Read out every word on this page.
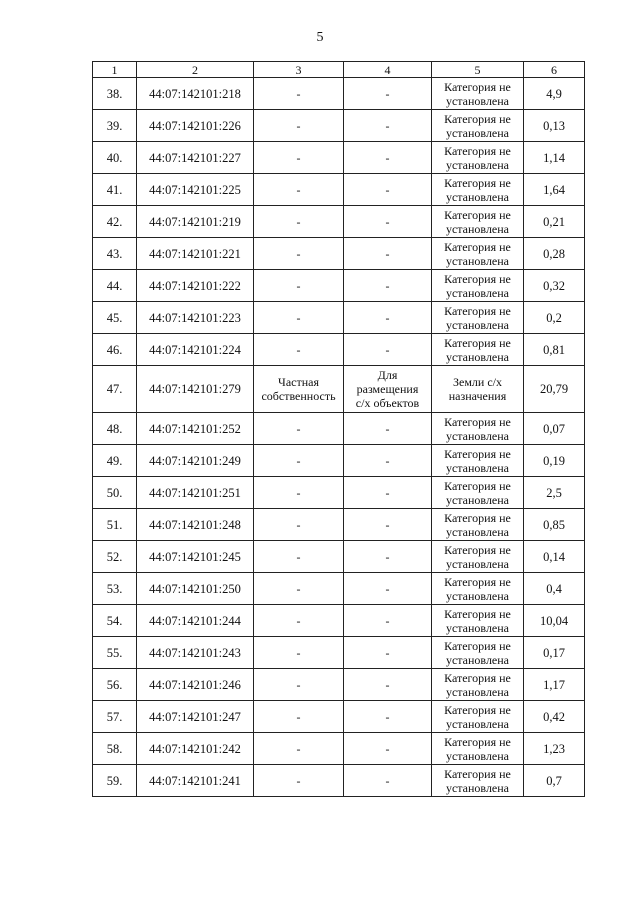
5
1	2	3	4	5	6
38.	44:07:142101:218	-	-	Категория не
установлена	4,9
39.	44:07:142101:226	-	-	Категория не
установлена	0,13
40.	44:07:142101:227	-	-	Категория не
установлена	1,14
41.	44:07:142101:225	-	-	Категория не
установлена	1,64
42.	44:07:142101:219	-	-	Категория не
установлена	0,21
43.	44:07:142101:221	-	-	Категория не
установлена	0,28
44.	44:07:142101:222	-	-	Категория не
установлена	0,32
45.	44:07:142101:223	-	-	Категория не
установлена	0,2
46.	44:07:142101:224	-	-	Категория не
установлена	0,81
47.	44:07:142101:279	Частная
собственность	Для
размещения
с/х объектов	Земли с/х
назначения	20,79
48.	44:07:142101:252	-	-	Категория не
установлена	0,07
49.	44:07:142101:249	-	-	Категория не
установлена	0,19
50.	44:07:142101:251	-	-	Категория не
установлена	2,5
51.	44:07:142101:248	-	-	Категория не
установлена	0,85
52.	44:07:142101:245	-	-	Категория не
установлена	0,14
53.	44:07:142101:250	-	-	Категория не
установлена	0,4
54.	44:07:142101:244	-	-	Категория не
установлена	10,04
55.	44:07:142101:243	-	-	Категория не
установлена	0,17
56.	44:07:142101:246	-	-	Категория не
установлена	1,17
57.	44:07:142101:247	-	-	Категория не
установлена	0,42
58.	44:07:142101:242	-	-	Категория не
установлена	1,23
59.	44:07:142101:241	-	-	Категория не
установлена	0,7
